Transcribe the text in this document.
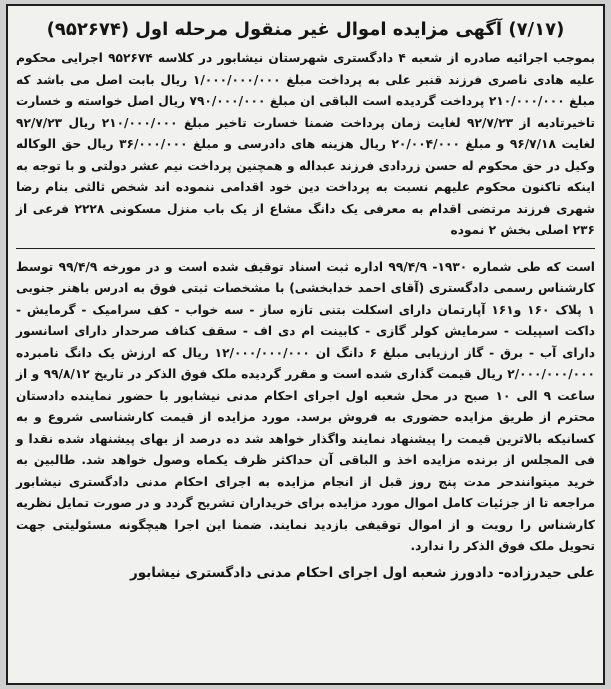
(۷/۱۷) آگهی مزایده اموال غیر منقول مرحله اول (۹۵۲۶۷۴)

بموجب اجرائیه صادره از شعبه ۴ دادگستری شهرستان نیشابور در کلاسه ۹۵۲۶۷۴ اجرایی محکوم علیه هادی ناصری فرزند قنبر علی به پرداخت مبلغ ۱/۰۰۰/۰۰۰/۰۰۰ ریال بابت اصل می باشد که مبلغ ۲۱۰/۰۰۰/۰۰۰ پرداخت گردیده است الباقی ان مبلغ ۷۹۰/۰۰۰/۰۰۰ ریال اصل خواسته و خسارت تاخیرتادیه از ۹۲/۷/۲۳ لغایت زمان پرداخت ضمنا خسارت تاخیر مبلغ ۲۱۰/۰۰۰/۰۰۰ ریال ۹۲/۷/۲۳ لغایت ۹۶/۷/۱۸ و مبلغ ۲۰/۰۰۴/۰۰۰ ریال هزینه های دادرسی و مبلغ ۳۶/۰۰۰/۰۰۰ ریال حق الوکاله وکیل در حق محکوم له حسن زردادی فرزند عبداله و همچنین پرداخت نیم عشر دولتی و با توجه به اینکه تاکنون محکوم علیهم نسبت به پرداخت دین خود اقدامی ننموده اند شخص ثالثی بنام رضا شهری فرزند مرتضی اقدام به معرفی یک دانگ مشاع از یک باب منزل مسکونی ۲۲۲۸ فرعی از ۲۳۶ اصلی بخش ۲ نموده

است که طی شماره ۱۹۳۰- ۹۹/۴/۹ اداره ثبت اسناد توقیف شده است و در مورخه ۹۹/۴/۹ توسط کارشناس رسمی دادگستری (آقای احمد خدابخشی) با مشخصات ثبتی فوق به ادرس باهنر جنوبی ۱ پلاک ۱۶۰ و۱۶۱ آپارتمان دارای اسکلت بتنی تازه ساز - سه خواب - کف سرامیک - گرمایش - داکت اسپیلت - سرمایش کولر گازی - کابینت ام دی اف - سقف کناف صرحدار دارای اسانسور دارای آب - برق - گاز ارزیابی مبلغ ۶ دانگ ان ۱۲/۰۰۰/۰۰۰/۰۰۰ ریال که ارزش یک دانگ نامبرده ۲/۰۰۰/۰۰۰/۰۰۰ ریال قیمت گذاری شده است و مقرر گردیده ملک فوق الذکر در تاریخ ۹۹/۸/۱۲ و از ساعت ۹ الی ۱۰ صبح در محل شعبه اول اجرای احکام مدنی نیشابور با حضور نماینده دادستان محترم از طریق مزایده حضوری به فروش برسد. مورد مزایده از قیمت کارشناسی شروع و به کسانیکه بالاترین قیمت را پیشنهاد نمایند واگذار خواهد شد ده درصد از بهای پیشنهاد شده نقدا و فی المجلس از برنده مزایده اخذ و الباقی آن حداکثر ظرف یکماه وصول خواهد شد. طالبین به خرید میتوانندحر مدت پنج روز قبل از انجام مزایده به اجرای احکام مدنی دادگستری نیشابور مراجعه تا از جزئیات کامل اموال مورد مزایده برای خریداران تشریح گردد و در صورت تمایل نظریه کارشناس را رویت و از اموال توقیفی بازدید نمایند. ضمنا این اجرا هیچگونه مسئولیتی جهت تحویل ملک فوق الذکر را ندارد.

علی حیدرزاده- دادورز شعبه اول اجرای احکام مدنی دادگستری نیشابور
